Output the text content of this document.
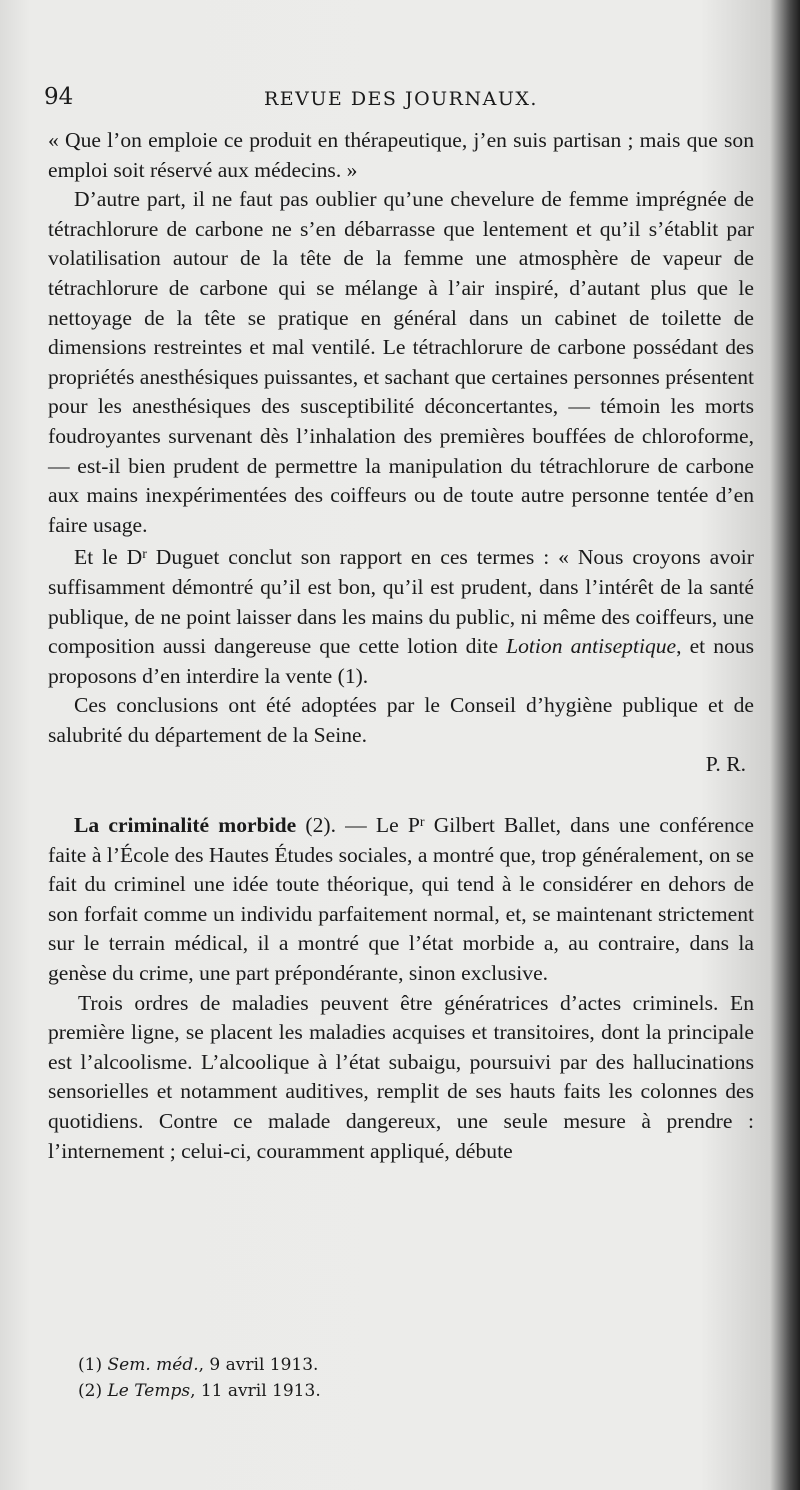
94	REVUE DES JOURNAUX.

« Que l’on emploie ce produit en thérapeutique, j’en suis partisan ; mais que son emploi soit réservé aux médecins. »

D’autre part, il ne faut pas oublier qu’une chevelure de femme imprégnée de tétrachlorure de carbone ne s’en débarrasse que lentement et qu’il s’établit par volatilisation autour de la tête de la femme une atmosphère de vapeur de tétrachlorure de carbone qui se mélange à l’air inspiré, d’autant plus que le nettoyage de la tête se pratique en général dans un cabinet de toilette de dimensions restreintes et mal ventilé. Le tétrachlorure de carbone possédant des propriétés anesthésiques puissantes, et sachant que certaines personnes présentent pour les anesthésiques des susceptibilité déconcertantes, — témoin les morts foudroyantes survenant dès l’inhalation des premières bouffées de chloroforme, — est-il bien prudent de permettre la manipulation du tétrachlorure de carbone aux mains inexpérimentées des coiffeurs ou de toute autre personne tentée d’en faire usage.

Et le $D^r$ Duguet conclut son rapport en ces termes : « Nous croyons avoir suffisamment démontré qu’il est bon, qu’il est prudent, dans l’intérêt de la santé publique, de ne point laisser dans les mains du public, ni même des coiffeurs, une composition aussi dangereuse que cette lotion dite Lotion antiseptique, et nous proposons d’en interdire la vente (1).

Ces conclusions ont été adoptées par le Conseil d’hygiène publique et de salubrité du département de la Seine.

P. R.

La criminalité morbide (2). — Le $P^r$ Gilbert Ballet, dans une conférence faite à l’École des Hautes Études sociales, a montré que, trop généralement, on se fait du criminel une idée toute théorique, qui tend à le considérer en dehors de son forfait comme un individu parfaitement normal, et, se maintenant strictement sur le terrain médical, il a montré que l’état morbide a, au contraire, dans la genèse du crime, une part prépondérante, sinon exclusive.

Trois ordres de maladies peuvent être génératrices d’actes criminels. En première ligne, se placent les maladies acquises et transitoires, dont la principale est l’alcoolisme. L’alcoolique à l’état subaigu, poursuivi par des hallucinations sensorielles et notamment auditives, remplit de ses hauts faits les colonnes des quotidiens. Contre ce malade dangereux, une seule mesure à prendre : l’internement ; celui-ci, couramment appliqué, débute

(1) Sem. méd., 9 avril 1913.

(2) Le Temps, 11 avril 1913.
